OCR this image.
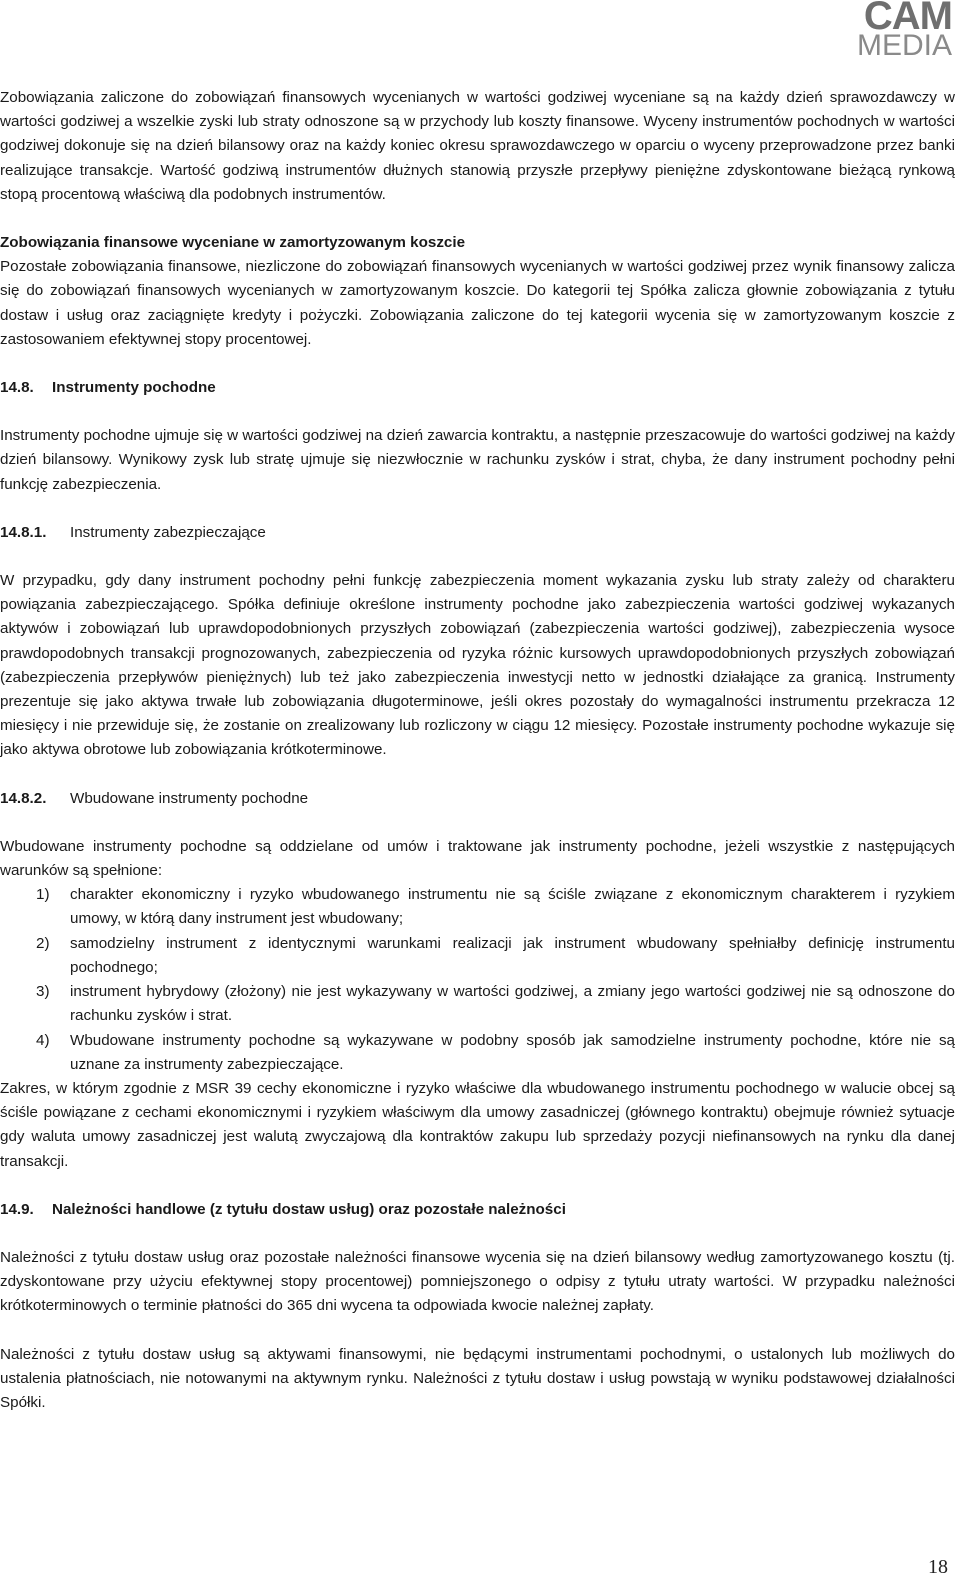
CAM
MEDIA

Zobowiązania zaliczone do zobowiązań finansowych wycenianych w wartości godziwej wyceniane są na każdy dzień sprawozdawczy w wartości godziwej a wszelkie zyski lub straty odnoszone są w przychody lub koszty finansowe. Wyceny instrumentów pochodnych w wartości godziwej dokonuje się na dzień bilansowy oraz na każdy koniec okresu sprawozdawczego w oparciu o wyceny przeprowadzone przez banki realizujące transakcje. Wartość godziwą instrumentów dłużnych stanowią przyszłe przepływy pieniężne zdyskontowane bieżącą rynkową stopą procentową właściwą dla podobnych instrumentów.

Zobowiązania finansowe wyceniane w zamortyzowanym koszcie

Pozostałe zobowiązania finansowe, niezliczone do zobowiązań finansowych wycenianych w wartości godziwej przez wynik finansowy zalicza się do zobowiązań finansowych wycenianych w zamortyzowanym koszcie. Do kategorii tej Spółka zalicza głownie zobowiązania z tytułu dostaw i usług oraz zaciągnięte kredyty i pożyczki. Zobowiązania zaliczone do tej kategorii wycenia się w zamortyzowanym koszcie z zastosowaniem efektywnej stopy procentowej.

14.8.	Instrumenty pochodne

Instrumenty pochodne ujmuje się w wartości godziwej na dzień zawarcia kontraktu, a następnie przeszacowuje do wartości godziwej na każdy dzień bilansowy. Wynikowy zysk lub stratę ujmuje się niezwłocznie w rachunku zysków i strat, chyba, że dany instrument pochodny pełni funkcję zabezpieczenia.

14.8.1.	Instrumenty zabezpieczające

W przypadku, gdy dany instrument pochodny pełni funkcję zabezpieczenia moment wykazania zysku lub straty zależy od charakteru powiązania zabezpieczającego. Spółka definiuje określone instrumenty pochodne jako zabezpieczenia wartości godziwej wykazanych aktywów i zobowiązań lub uprawdopodobnionych przyszłych zobowiązań (zabezpieczenia wartości godziwej), zabezpieczenia wysoce prawdopodobnych transakcji prognozowanych, zabezpieczenia od ryzyka różnic kursowych uprawdopodobnionych przyszłych zobowiązań (zabezpieczenia przepływów pieniężnych) lub też jako zabezpieczenia inwestycji netto w jednostki działające za granicą. Instrumenty prezentuje się jako aktywa trwałe lub zobowiązania długoterminowe, jeśli okres pozostały do wymagalności instrumentu przekracza 12 miesięcy i nie przewiduje się, że zostanie on zrealizowany lub rozliczony w ciągu 12 miesięcy. Pozostałe instrumenty pochodne wykazuje się jako aktywa obrotowe lub zobowiązania krótkoterminowe.

14.8.2.	Wbudowane instrumenty pochodne

Wbudowane instrumenty pochodne są oddzielane od umów i traktowane jak instrumenty pochodne, jeżeli wszystkie z następujących warunków są spełnione:

1)	charakter ekonomiczny i ryzyko wbudowanego instrumentu nie są ściśle związane z ekonomicznym charakterem i ryzykiem umowy, w którą dany instrument jest wbudowany;
2)	samodzielny instrument z identycznymi warunkami realizacji jak instrument wbudowany spełniałby definicję instrumentu pochodnego;
3)	instrument hybrydowy (złożony) nie jest wykazywany w wartości godziwej, a zmiany jego wartości godziwej nie są odnoszone do rachunku zysków i strat.
4)	Wbudowane instrumenty pochodne są wykazywane w podobny sposób jak samodzielne instrumenty pochodne, które nie są uznane za instrumenty zabezpieczające.

Zakres, w którym zgodnie z MSR 39 cechy ekonomiczne i ryzyko właściwe dla wbudowanego instrumentu pochodnego w walucie obcej są ściśle powiązane z cechami ekonomicznymi i ryzykiem właściwym dla umowy zasadniczej (głównego kontraktu) obejmuje również sytuacje gdy waluta umowy zasadniczej jest walutą zwyczajową dla kontraktów zakupu lub sprzedaży pozycji niefinansowych na rynku dla danej transakcji.

14.9.	Należności handlowe (z tytułu dostaw usług) oraz pozostałe należności

Należności z tytułu dostaw usług oraz pozostałe należności finansowe wycenia się na dzień bilansowy według zamortyzowanego kosztu (tj. zdyskontowane przy użyciu efektywnej stopy procentowej) pomniejszonego o odpisy z tytułu utraty wartości. W przypadku należności krótkoterminowych o terminie płatności do 365 dni wycena ta odpowiada kwocie należnej zapłaty.

Należności z tytułu dostaw usług są aktywami finansowymi, nie będącymi instrumentami pochodnymi, o ustalonych lub możliwych do ustalenia płatnościach, nie notowanymi na aktywnym rynku. Należności z tytułu dostaw i usług powstają w wyniku podstawowej działalności Spółki.

18
